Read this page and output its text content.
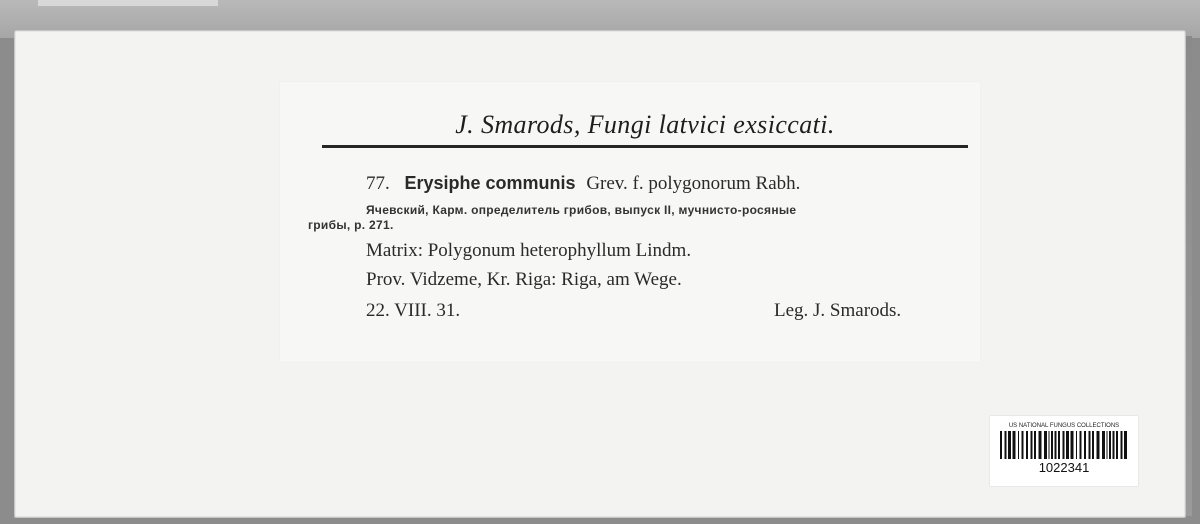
J. Smarods, Fungi latvici exsiccati.
77. Erysiphe communis Grev. f. polygonorum Rabh.
Ячевский, Карм. определитель грибов, выпуск II, мучнисто-росяные
грибы, р. 271.
Matrix: Polygonum heterophyllum Lindm.
Prov. Vidzeme, Kr. Riga: Riga, am Wege.
22. VIII. 31.	Leg. J. Smarods.
US NATIONAL FUNGUS COLLECTIONS
1022341
